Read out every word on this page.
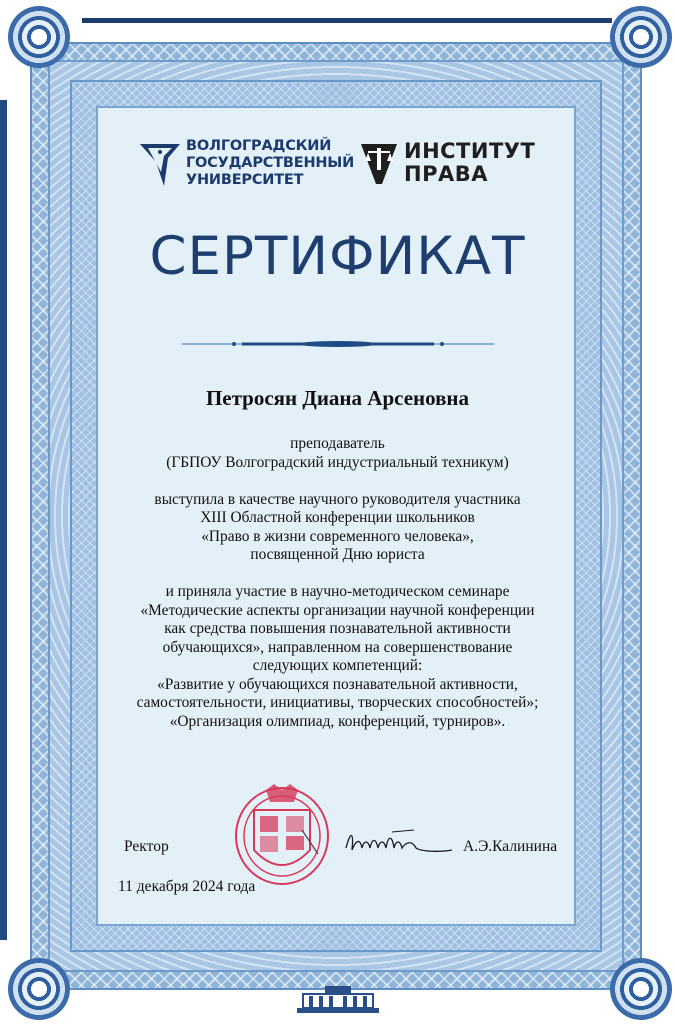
ВОЛГОГРАДСКИЙ
ГОСУДАРСТВЕННЫЙ
УНИВЕРСИТЕТ
ИНСТИТУТ
ПРАВА
СЕРТИФИКАТ
Петросян Диана Арсеновна
преподаватель
(ГБПОУ Волгоградский индустриальный техникум)
выступила в качестве научного руководителя участника
XIII Областной конференции школьников
«Право в жизни современного человека»,
посвященной Дню юриста
и приняла участие в научно-методическом семинаре
«Методические аспекты организации научной конференции
как средства повышения познавательной активности
обучающихся», направленном на совершенствование
следующих компетенций:
«Развитие у обучающихся познавательной активности,
самостоятельности, инициативы, творческих способностей»;
«Организация олимпиад, конференций, турниров».
Ректор	А.Э.Калинина
11 декабря 2024 года
